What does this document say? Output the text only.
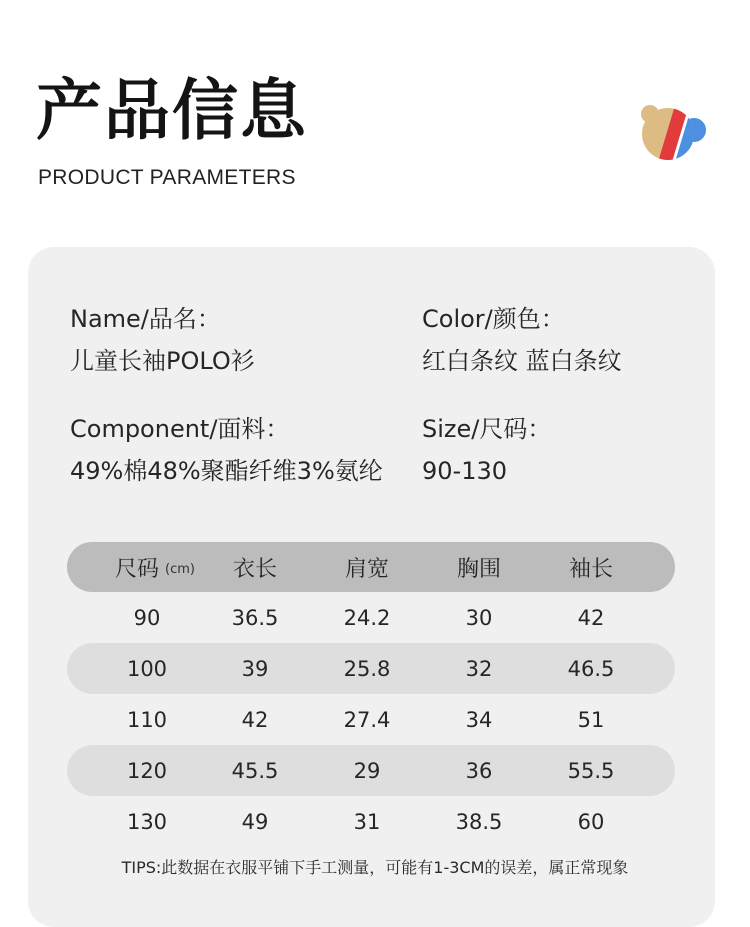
产品信息
PRODUCT PARAMETERS
Name/品名：
儿童长袖POLO衫
Color/颜色：
红白条纹 蓝白条纹
Component/面料：
49%棉48%聚酯纤维3%氨纶
Size/尺码：
90-130
尺码 (cm)	衣长	肩宽	胸围	袖长
90	36.5	24.2	30	42
100	39	25.8	32	46.5
110	42	27.4	34	51
120	45.5	29	36	55.5
130	49	31	38.5	60
TIPS:此数据在衣服平铺下手工测量，可能有1-3CM的误差，属正常现象
